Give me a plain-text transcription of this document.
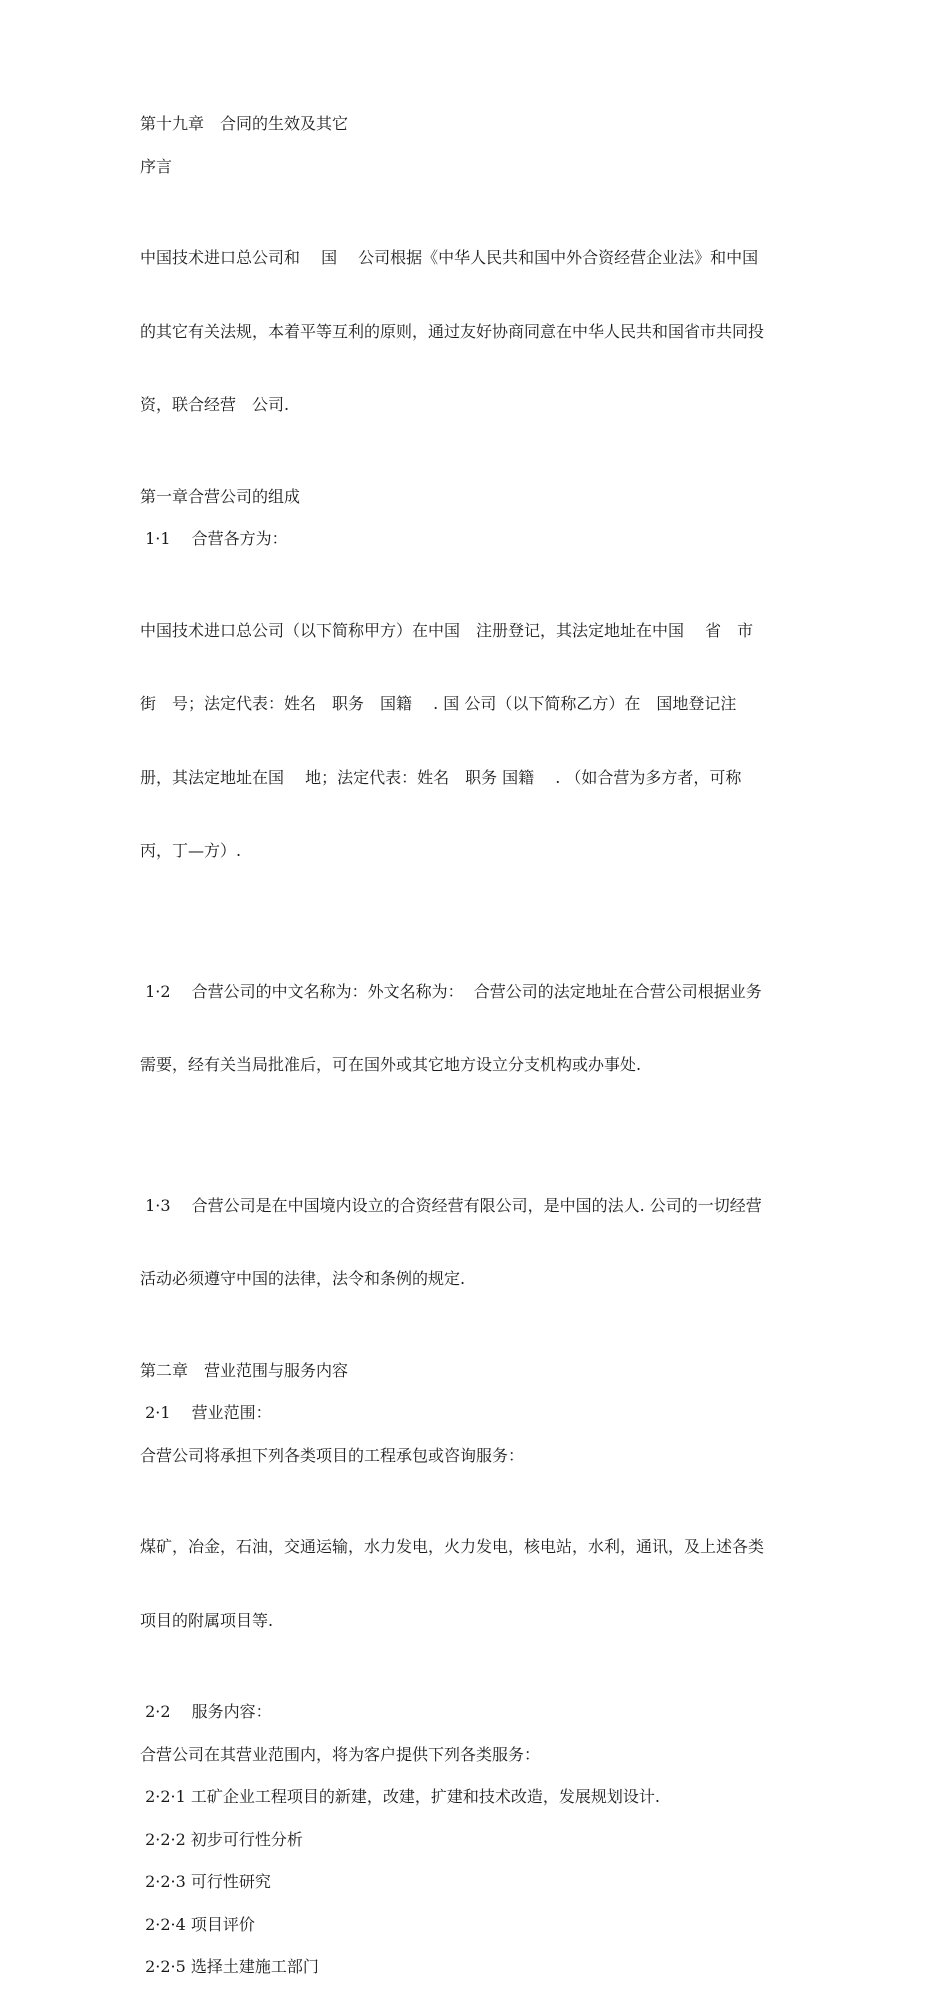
第十九章　合同的生效及其它

序言

中国技术进口总公司和　 国　 公司根据《中华人民共和国中外合资经营企业法》和中国

的其它有关法规，本着平等互利的原则，通过友好协商同意在中华人民共和国省市共同投

资，联合经营　公司.

第一章合营公司的组成

1·1　 合营各方为：

中国技术进口总公司（以下简称甲方）在中国　注册登记，其法定地址在中国　 省　市

街　号；法定代表：姓名　职务　国籍　 . 国 公司（以下简称乙方）在　国地登记注

册，其法定地址在国　 地；法定代表：姓名　职务 国籍　 . （如合营为多方者，可称

丙，丁—方）.

1·2　 合营公司的中文名称为：外文名称为：  合营公司的法定地址在合营公司根据业务

需要，经有关当局批准后，可在国外或其它地方设立分支机构或办事处.

1·3　 合营公司是在中国境内设立的合资经营有限公司，是中国的法人. 公司的一切经营

活动必须遵守中国的法律，法令和条例的规定.

第二章　营业范围与服务内容

2·1　 营业范围：

合营公司将承担下列各类项目的工程承包或咨询服务：

煤矿，冶金，石油，交通运输，水力发电，火力发电，核电站，水利，通讯，及上述各类

项目的附属项目等.

2·2　 服务内容：

合营公司在其营业范围内，将为客户提供下列各类服务：

2·2·1 工矿企业工程项目的新建，改建，扩建和技术改造，发展规划设计.

2·2·2 初步可行性分析

2·2·3 可行性研究

2·2·4 项目评价

2·2·5 选择土建施工部门
